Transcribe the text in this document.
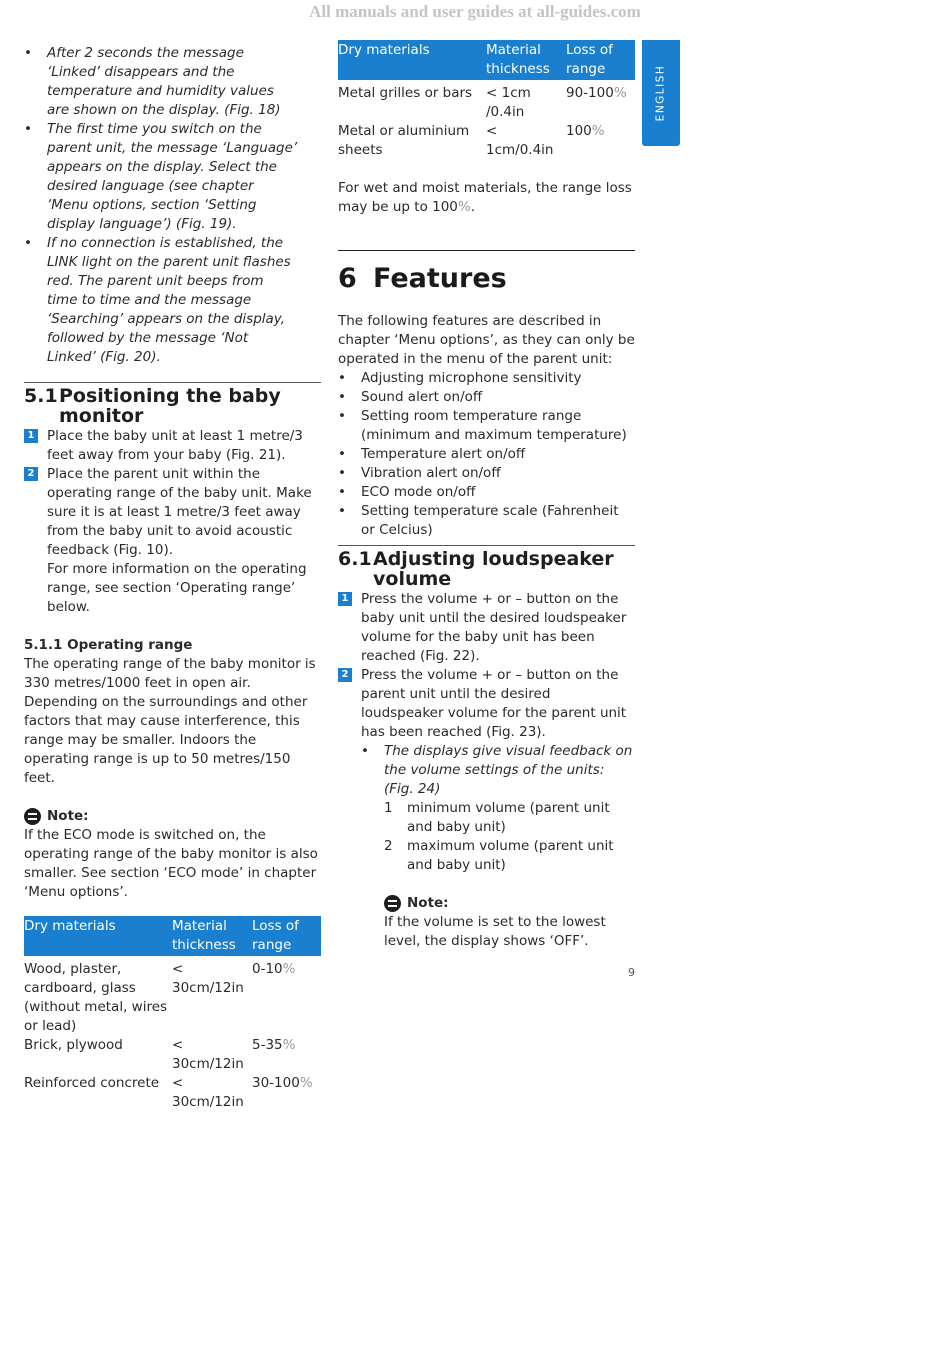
All manuals and user guides at all-guides.com
• After 2 seconds the message ‘Linked’ disappears and the temperature and humidity values are shown on the display. (Fig. 18)
• The first time you switch on the parent unit, the message ‘Language’ appears on the display. Select the desired language (see chapter ‘Menu options, section ‘Setting display language’) (Fig. 19).
• If no connection is established, the LINK light on the parent unit flashes red. The parent unit beeps from time to time and the message ‘Searching’ appears on the display, followed by the message ‘Not Linked’ (Fig. 20).
5.1 Positioning the baby monitor
1 Place the baby unit at least 1 metre/3 feet away from your baby (Fig. 21).
2 Place the parent unit within the operating range of the baby unit. Make sure it is at least 1 metre/3 feet away from the baby unit to avoid acoustic feedback (Fig. 10).
For more information on the operating range, see section ‘Operating range’ below.
5.1.1 Operating range

The operating range of the baby monitor is 330 metres/1000 feet in open air. Depending on the surroundings and other factors that may cause interference, this range may be smaller. Indoors the operating range is up to 50 metres/150 feet.

Note:

If the ECO mode is switched on, the operating range of the baby monitor is also smaller. See section ‘ECO mode’ in chapter ‘Menu options’.

Dry materials	Material thickness	Loss of range

Wood, plaster, cardboard, glass (without metal, wires or lead)	< 30cm/12in	0-10%
Brick, plywood	< 30cm/12in	5-35%
Reinforced concrete	< 30cm/12in	30-100%
Dry materials	Material thickness	Loss of range

Metal grilles or bars	< 1cm /0.4in	90-100%
Metal or aluminium sheets	< 1cm/0.4in	100%

For wet and moist materials, the range loss may be up to 100%.

6 Features

The following features are described in chapter ‘Menu options’, as they can only be operated in the menu of the parent unit:

• Adjusting microphone sensitivity
• Sound alert on/off
• Setting room temperature range (minimum and maximum temperature)
• Temperature alert on/off
• Vibration alert on/off
• ECO mode on/off
• Setting temperature scale (Fahrenheit or Celcius)
6.1 Adjusting loudspeaker volume
1 Press the volume + or – button on the baby unit until the desired loudspeaker volume for the baby unit has been reached (Fig. 22).
2 Press the volume + or – button on the parent unit until the desired loudspeaker volume for the parent unit has been reached (Fig. 23).
• The displays give visual feedback on the volume settings of the units: (Fig. 24)
1	minimum volume (parent unit and baby unit)
2	maximum volume (parent unit and baby unit)
Note:

If the volume is set to the lowest level, the display shows ‘OFF’.

ENGLISH
9
